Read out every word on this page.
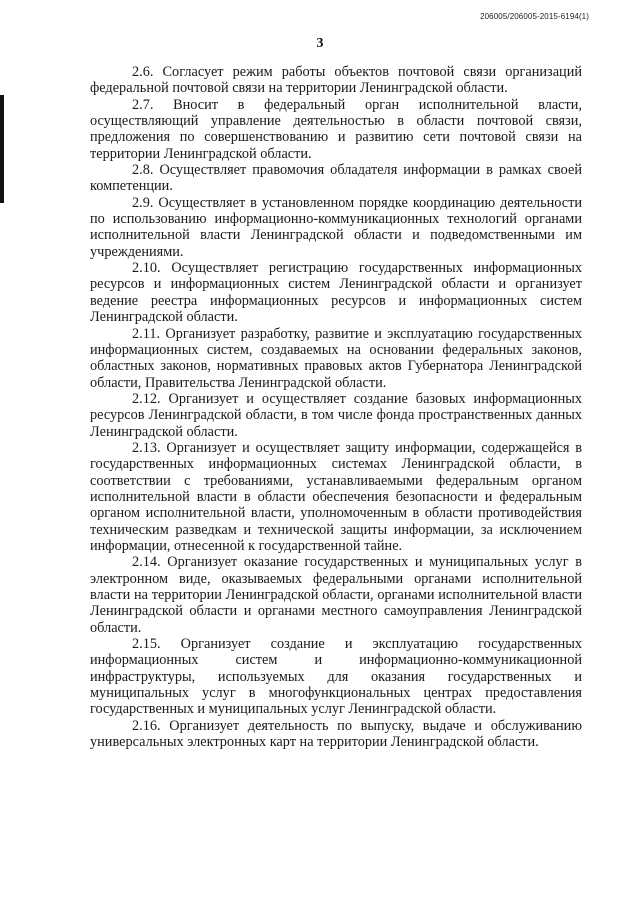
206005/206005-2015-6194(1)
3

2.6. Согласует режим работы объектов почтовой связи организаций федеральной почтовой связи на территории Ленинградской области.

2.7. Вносит в федеральный орган исполнительной власти, осуществляющий управление деятельностью в области почтовой связи, предложения по совершенствованию и развитию сети почтовой связи на территории Ленинградской области.

2.8. Осуществляет правомочия обладателя информации в рамках своей компетенции.

2.9. Осуществляет в установленном порядке координацию деятельности по использованию информационно-коммуникационных технологий органами исполнительной власти Ленинградской области и подведомственными им учреждениями.

2.10. Осуществляет регистрацию государственных информационных ресурсов и информационных систем Ленинградской области и организует ведение реестра информационных ресурсов и информационных систем Ленинградской области.

2.11. Организует разработку, развитие и эксплуатацию государственных информационных систем, создаваемых на основании федеральных законов, областных законов, нормативных правовых актов Губернатора Ленинградской области, Правительства Ленинградской области.

2.12. Организует и осуществляет создание базовых информационных ресурсов Ленинградской области, в том числе фонда пространственных данных Ленинградской области.

2.13. Организует и осуществляет защиту информации, содержащейся в государственных информационных системах Ленинградской области, в соответствии с требованиями, устанавливаемыми федеральным органом исполнительной власти в области обеспечения безопасности и федеральным органом исполнительной власти, уполномоченным в области противодействия техническим разведкам и технической защиты информации, за исключением информации, отнесенной к государственной тайне.

2.14. Организует оказание государственных и муниципальных услуг в электронном виде, оказываемых федеральными органами исполнительной власти на территории Ленинградской области, органами исполнительной власти Ленинградской области и органами местного самоуправления Ленинградской области.

2.15. Организует создание и эксплуатацию государственных информационных систем и информационно-коммуникационной инфраструктуры, используемых для оказания государственных и муниципальных услуг в многофункциональных центрах предоставления государственных и муниципальных услуг Ленинградской области.

2.16. Организует деятельность по выпуску, выдаче и обслуживанию универсальных электронных карт на территории Ленинградской области.
